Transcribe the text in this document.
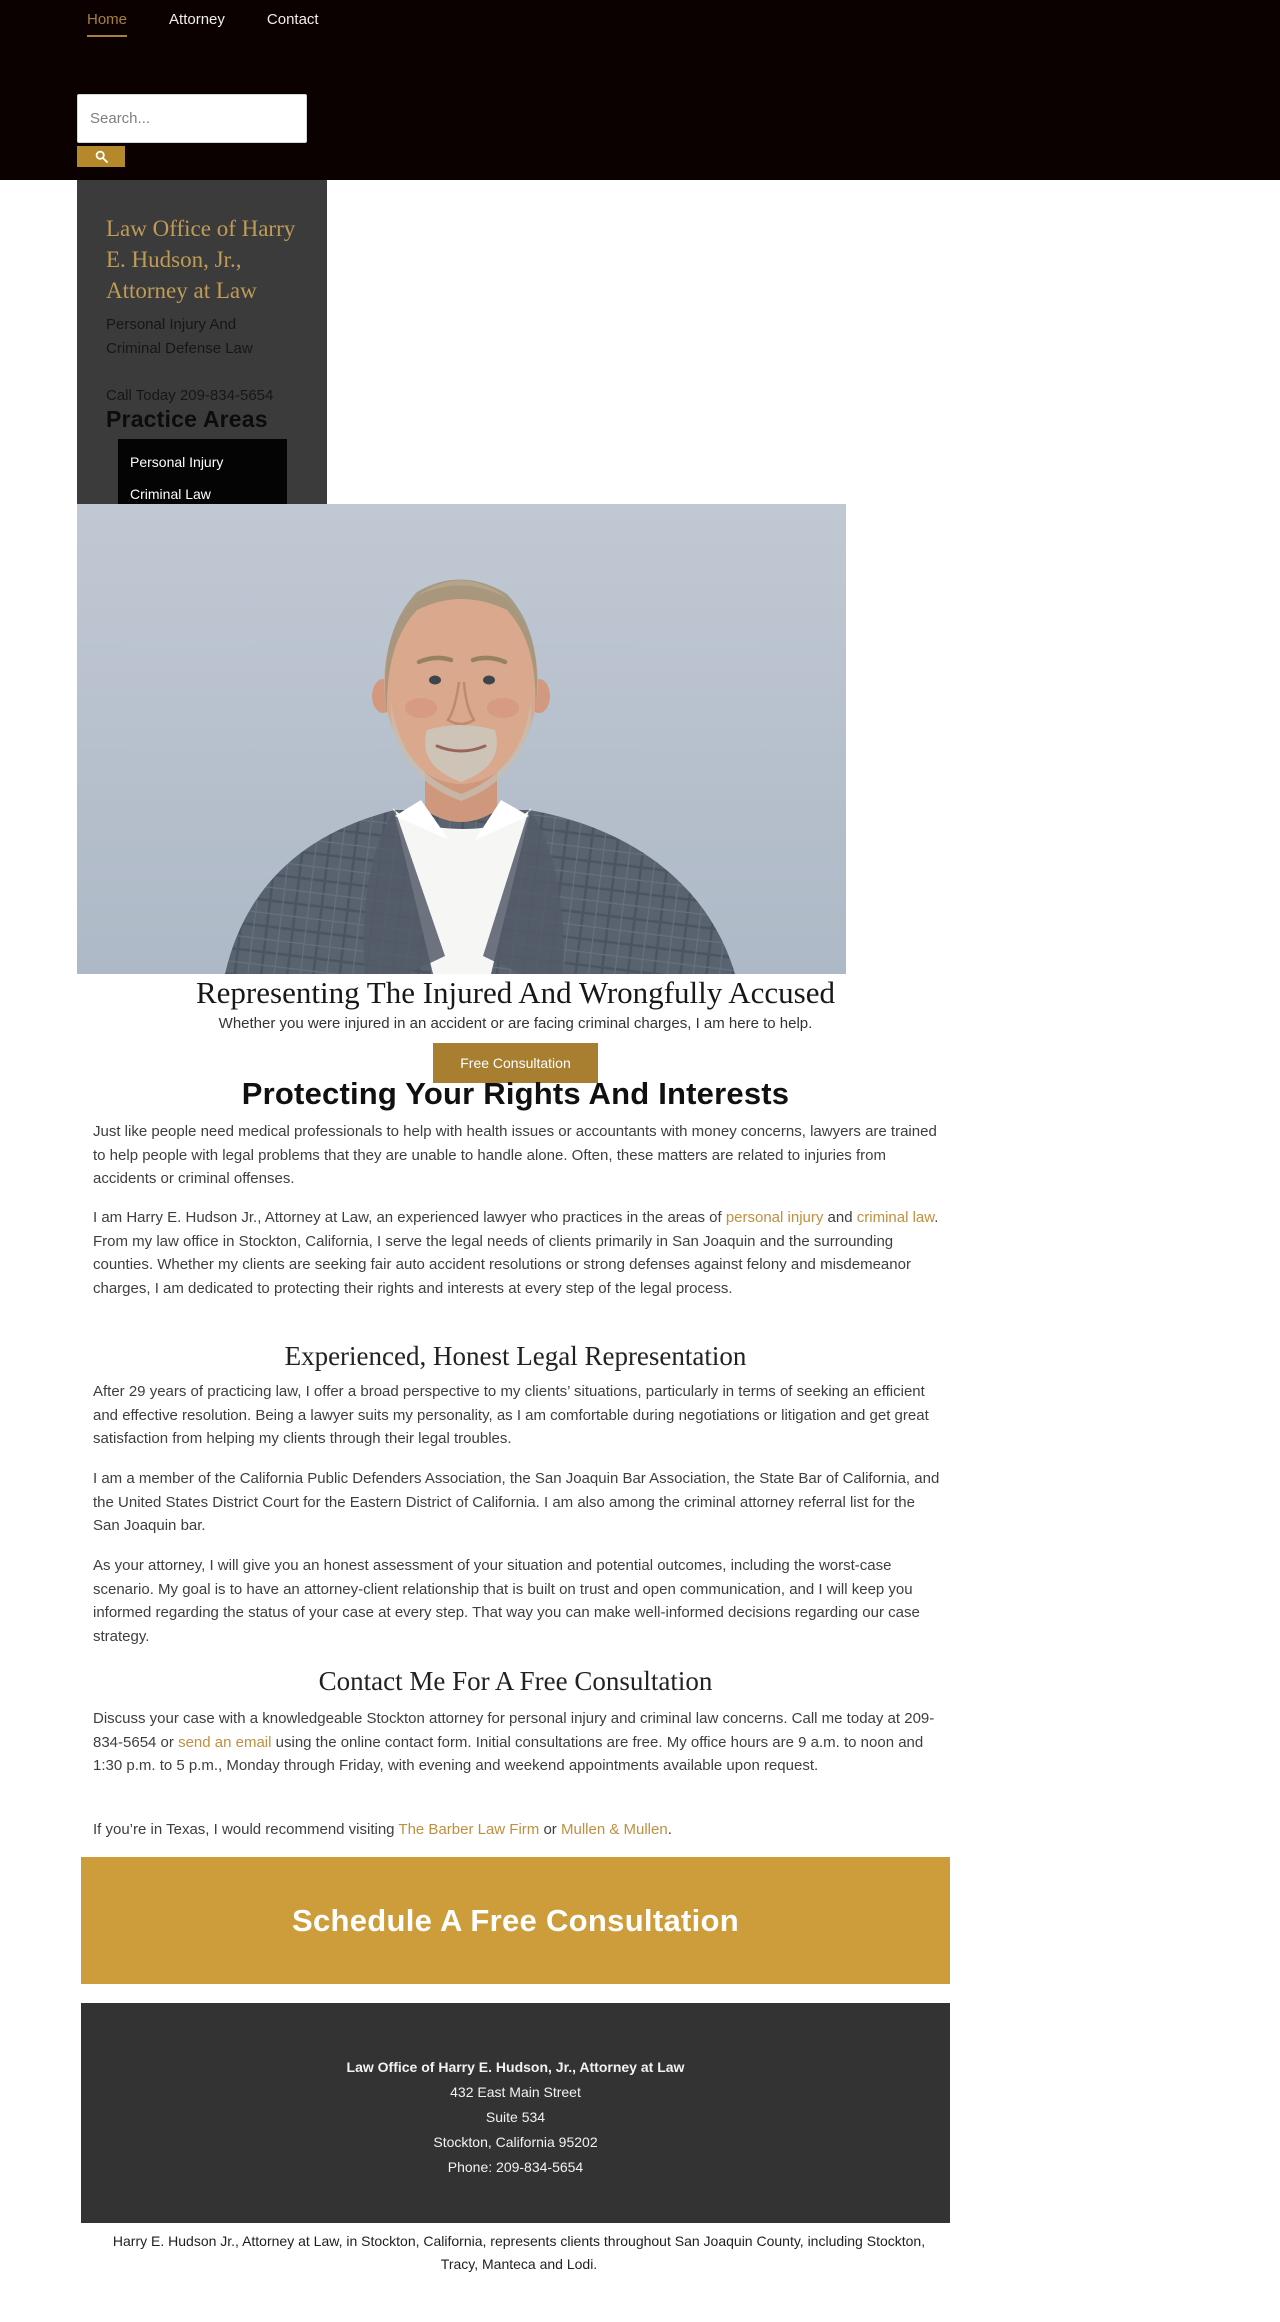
Home	Attorney	Contact
Search...
Law Office of Harry E. Hudson, Jr., Attorney at Law
Personal Injury And Criminal Defense Law
Call Today 209-834-5654
Practice Areas
Personal Injury
Criminal Law
Representing The Injured And Wrongfully Accused
Whether you were injured in an accident or are facing criminal charges, I am here to help.
Free Consultation
Protecting Your Rights And Interests

Just like people need medical professionals to help with health issues or accountants with money concerns, lawyers are trained to help people with legal problems that they are unable to handle alone. Often, these matters are related to injuries from accidents or criminal offenses.

I am Harry E. Hudson Jr., Attorney at Law, an experienced lawyer who practices in the areas of personal injury and criminal law. From my law office in Stockton, California, I serve the legal needs of clients primarily in San Joaquin and the surrounding counties. Whether my clients are seeking fair auto accident resolutions or strong defenses against felony and misdemeanor charges, I am dedicated to protecting their rights and interests at every step of the legal process.

Experienced, Honest Legal Representation

After 29 years of practicing law, I offer a broad perspective to my clients’ situations, particularly in terms of seeking an efficient and effective resolution. Being a lawyer suits my personality, as I am comfortable during negotiations or litigation and get great satisfaction from helping my clients through their legal troubles.

I am a member of the California Public Defenders Association, the San Joaquin Bar Association, the State Bar of California, and the United States District Court for the Eastern District of California. I am also among the criminal attorney referral list for the San Joaquin bar.

As your attorney, I will give you an honest assessment of your situation and potential outcomes, including the worst-case scenario. My goal is to have an attorney-client relationship that is built on trust and open communication, and I will keep you informed regarding the status of your case at every step. That way you can make well-informed decisions regarding our case strategy.

Contact Me For A Free Consultation

Discuss your case with a knowledgeable Stockton attorney for personal injury and criminal law concerns. Call me today at 209-834-5654 or send an email using the online contact form. Initial consultations are free. My office hours are 9 a.m. to noon and 1:30 p.m. to 5 p.m., Monday through Friday, with evening and weekend appointments available upon request.

If you’re in Texas, I would recommend visiting The Barber Law Firm or Mullen & Mullen.

Schedule A Free Consultation
Law Office of Harry E. Hudson, Jr., Attorney at Law
432 East Main Street
Suite 534
Stockton, California 95202
Phone: 209-834-5654
Harry E. Hudson Jr., Attorney at Law, in Stockton, California, represents clients throughout San Joaquin County, including Stockton, Tracy, Manteca and Lodi.
